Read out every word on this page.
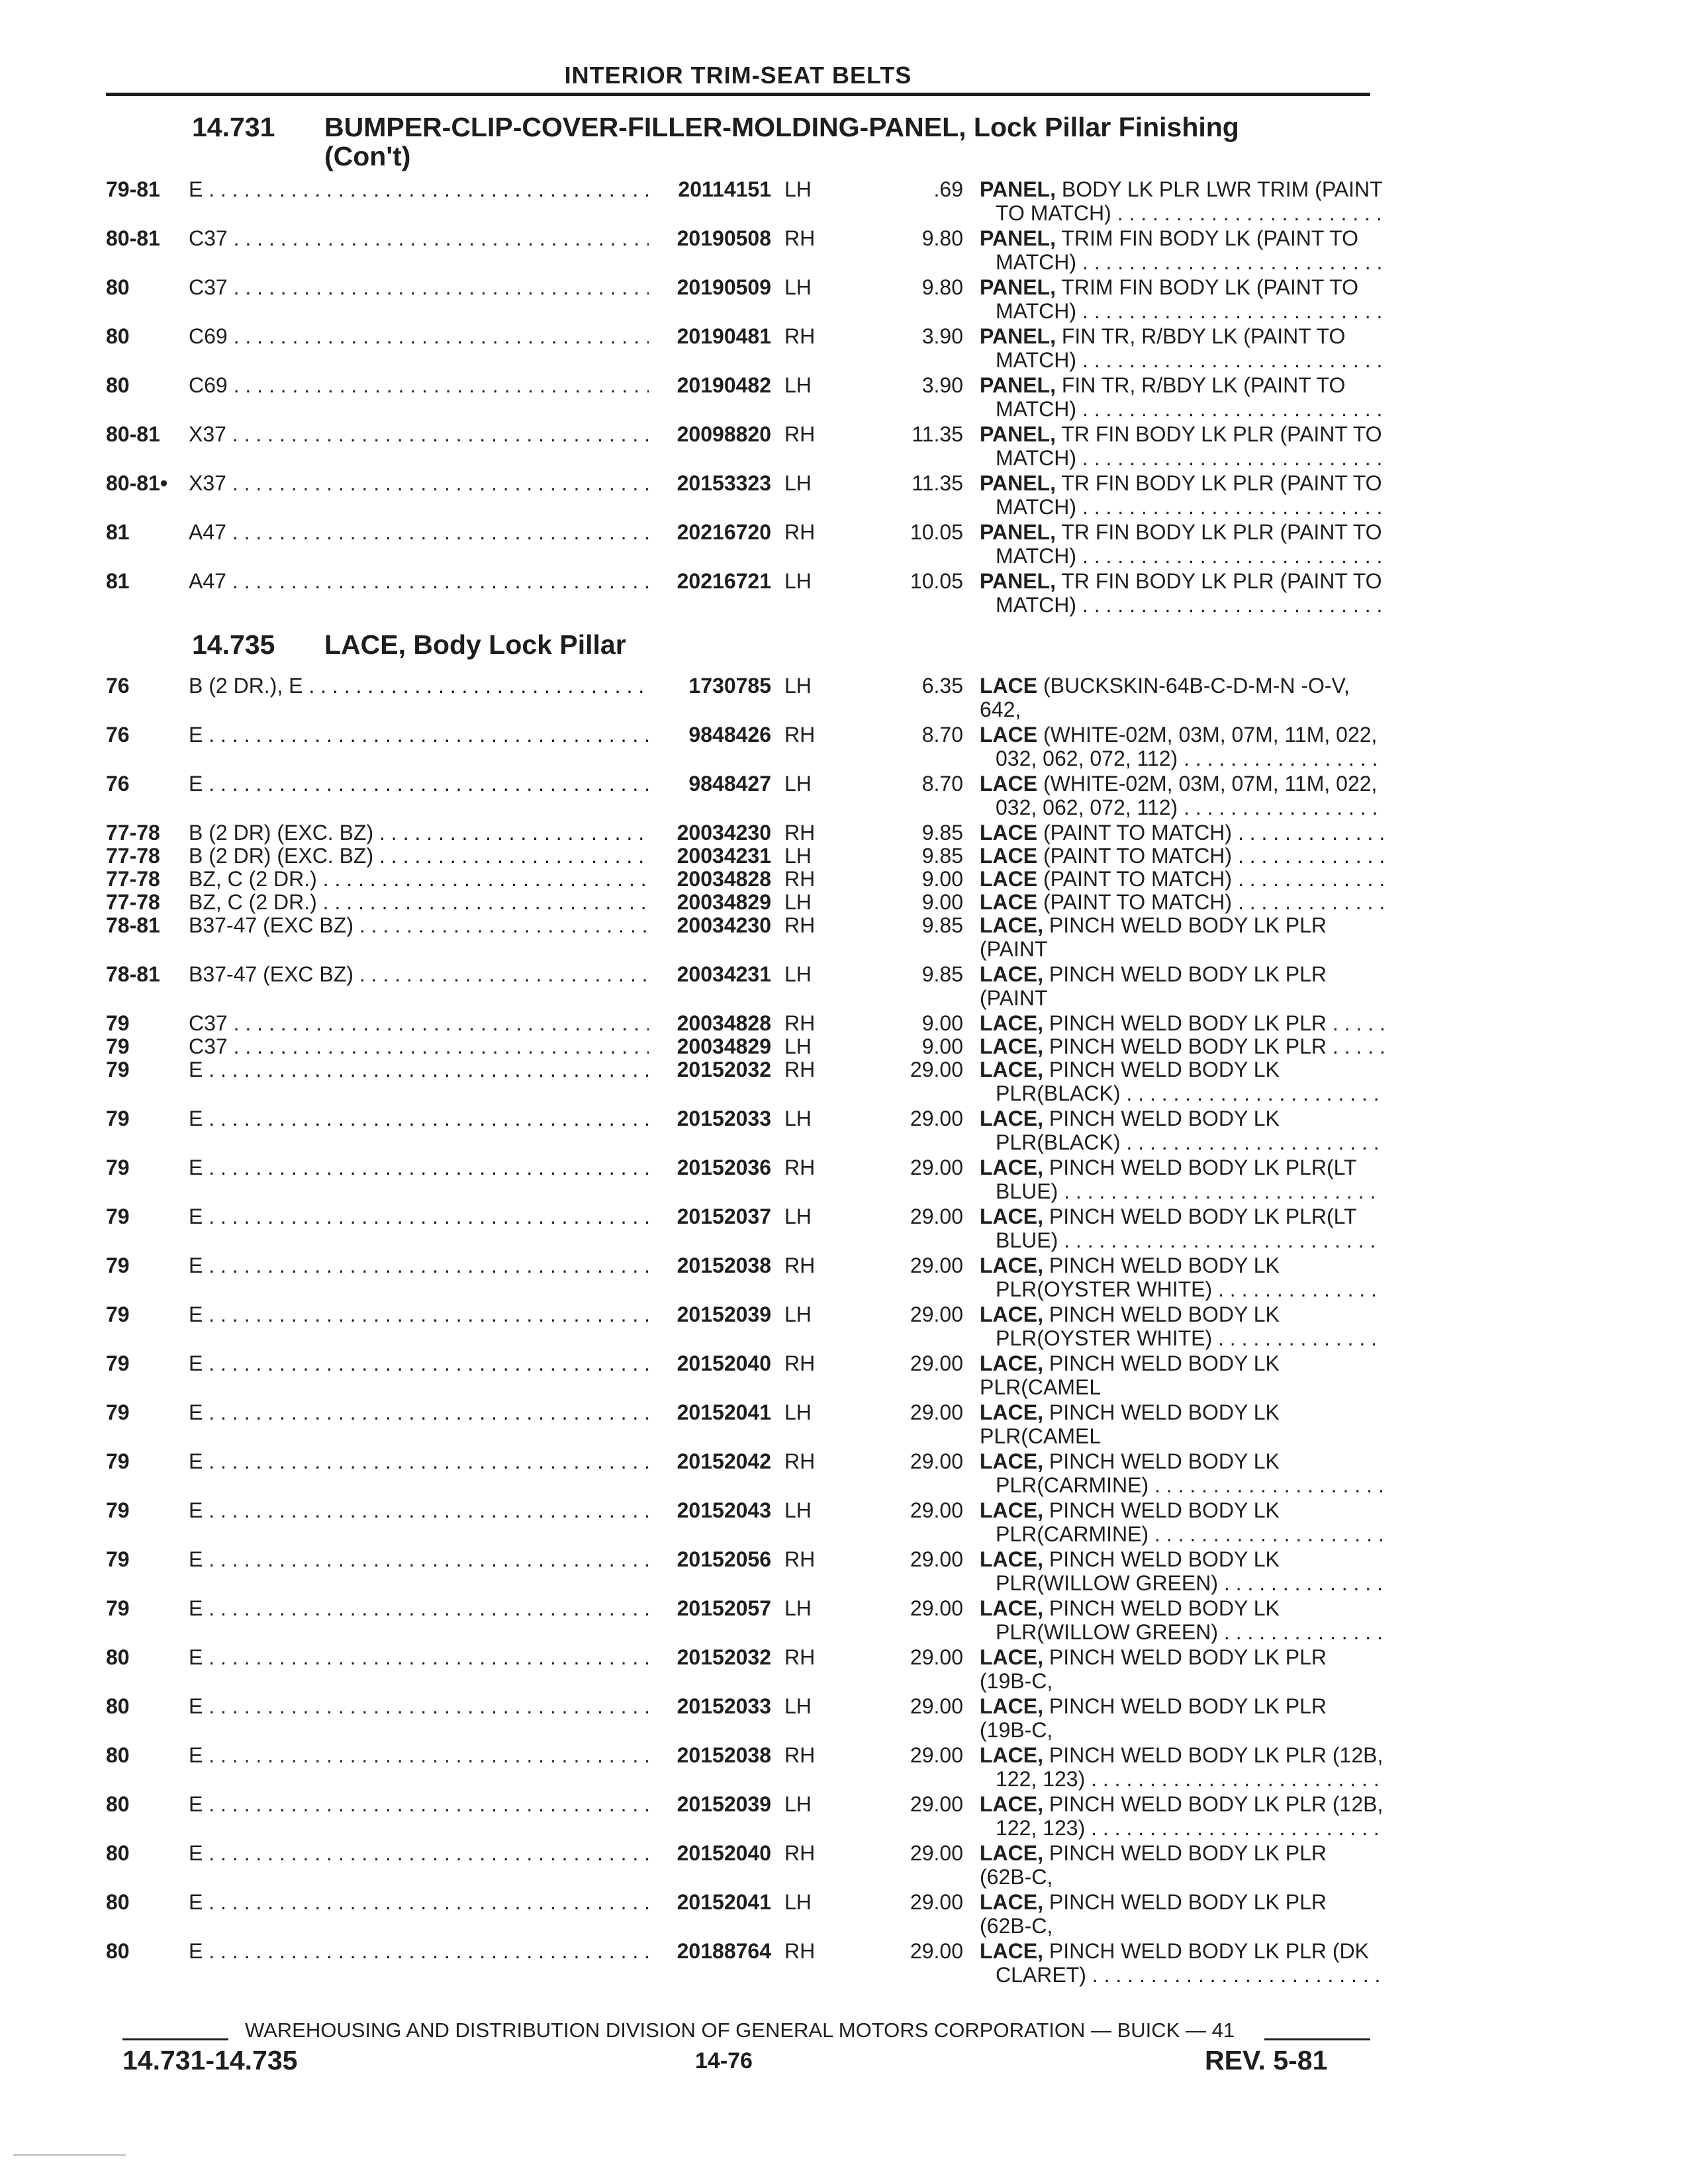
INTERIOR TRIM-SEAT BELTS
14.731 BUMPER-CLIP-COVER-FILLER-MOLDING-PANEL, Lock Pillar Finishing
(Con't)
79-81	E . . .	20114151 LH	.69 PANEL, BODY LK PLR LWR TRIM (PAINT
TO MATCH) . . .
80-81	C37 . . .	20190508 RH	9.80 PANEL, TRIM FIN BODY LK (PAINT TO
MATCH) . . .
80	C37 . . .	20190509 LH	9.80 PANEL, TRIM FIN BODY LK (PAINT TO
MATCH) . . .
80	C69 . . .	20190481 RH	3.90 PANEL, FIN TR, R/BDY LK (PAINT TO
MATCH) . . .
80	C69 . . .	20190482 LH	3.90 PANEL, FIN TR, R/BDY LK (PAINT TO
MATCH) . . .
80-81	X37 . . .	20098820 RH	11.35 PANEL, TR FIN BODY LK PLR (PAINT TO
MATCH) . . .
80-81• X37 . . .	20153323 LH	11.35 PANEL, TR FIN BODY LK PLR (PAINT TO
MATCH) . . .
81	A47 . . .	20216720 RH	10.05 PANEL, TR FIN BODY LK PLR (PAINT TO
MATCH) . . .
81	A47 . . .	20216721 LH	10.05 PANEL, TR FIN BODY LK PLR (PAINT TO
MATCH) . . .
14.735 LACE, Body Lock Pillar
76	B (2 DR.), E . . .	1730785 LH	6.35 LACE (BUCKSKIN-64B-C-D-M-N -O-V, 642,
76	E . . .	9848426 RH	8.70 LACE (WHITE-02M, 03M, 07M, 11M, 022,
032, 062, 072, 112) . . .
76	E . . .	9848427 LH	8.70 LACE (WHITE-02M, 03M, 07M, 11M, 022,
032, 062, 072, 112) . . .
77-78	B (2 DR) (EXC. BZ) . . .	20034230 RH	9.85 LACE (PAINT TO MATCH) . . .
77-78	B (2 DR) (EXC. BZ) . . .	20034231 LH	9.85 LACE (PAINT TO MATCH) . . .
77-78	BZ, C (2 DR.) . . .	20034828 RH	9.00 LACE (PAINT TO MATCH) . . .
77-78	BZ, C (2 DR.) . . .	20034829 LH	9.00 LACE (PAINT TO MATCH) . . .
78-81	B37-47 (EXC BZ) . . .	20034230 RH	9.85 LACE, PINCH WELD BODY LK PLR (PAINT
78-81	B37-47 (EXC BZ) . . .	20034231 LH	9.85 LACE, PINCH WELD BODY LK PLR (PAINT
79	C37 . . .	20034828 RH	9.00 LACE, PINCH WELD BODY LK PLR . . .
79	C37 . . .	20034829 LH	9.00 LACE, PINCH WELD BODY LK PLR . . .
79	E . . .	20152032 RH	29.00 LACE, PINCH WELD BODY LK
PLR(BLACK) . . .
79	E . . .	20152033 LH	29.00 LACE, PINCH WELD BODY LK
PLR(BLACK) . . .
79	E . . .	20152036 RH	29.00 LACE, PINCH WELD BODY LK PLR(LT
BLUE) . . .
79	E . . .	20152037 LH	29.00 LACE, PINCH WELD BODY LK PLR(LT
BLUE) . . .
79	E . . .	20152038 RH	29.00 LACE, PINCH WELD BODY LK
PLR(OYSTER WHITE) . . .
79	E . . .	20152039 LH	29.00 LACE, PINCH WELD BODY LK
PLR(OYSTER WHITE) . . .
79	E . . .	20152040 RH	29.00 LACE, PINCH WELD BODY LK PLR(CAMEL
79	E . . .	20152041 LH	29.00 LACE, PINCH WELD BODY LK PLR(CAMEL
79	E . . .	20152042 RH	29.00 LACE, PINCH WELD BODY LK
PLR(CARMINE) . . .
79	E . . .	20152043 LH	29.00 LACE, PINCH WELD BODY LK
PLR(CARMINE) . . .
79	E . . .	20152056 RH	29.00 LACE, PINCH WELD BODY LK
PLR(WILLOW GREEN) . . .
79	E . . .	20152057 LH	29.00 LACE, PINCH WELD BODY LK
PLR(WILLOW GREEN) . . .
80	E . . .	20152032 RH	29.00 LACE, PINCH WELD BODY LK PLR (19B-C,
80	E . . .	20152033 LH	29.00 LACE, PINCH WELD BODY LK PLR (19B-C,
80	E . . .	20152038 RH	29.00 LACE, PINCH WELD BODY LK PLR (12B,
122, 123) . . .
80	E . . .	20152039 LH	29.00 LACE, PINCH WELD BODY LK PLR (12B,
122, 123) . . .
80	E . . .	20152040 RH	29.00 LACE, PINCH WELD BODY LK PLR (62B-C,
80	E . . .	20152041 LH	29.00 LACE, PINCH WELD BODY LK PLR (62B-C,
80	E . . .	20188764 RH	29.00 LACE, PINCH WELD BODY LK PLR (DK
CLARET) . . .
WAREHOUSING AND DISTRIBUTION DIVISION OF GENERAL MOTORS CORPORATION — BUICK — 41
14.731-14.735	14-76	REV. 5-81
